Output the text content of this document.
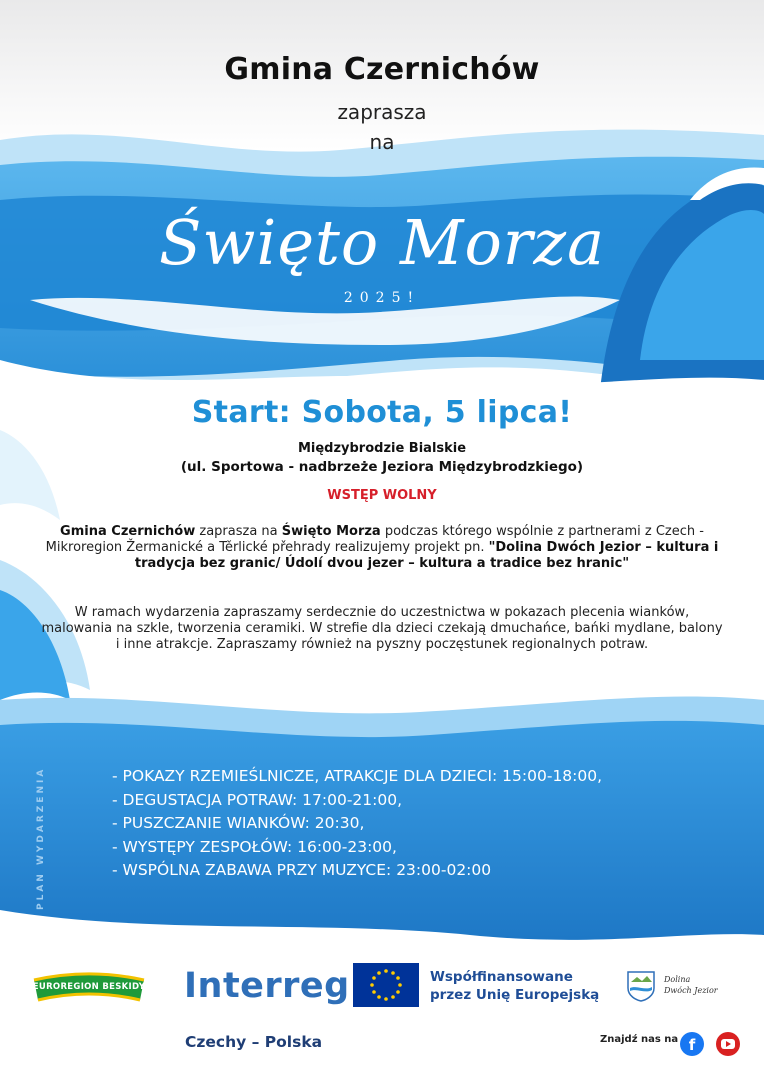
Gmina Czernichów
zaprasza
na
Święto Morza
2025!
Start: Sobota, 5 lipca!
Międzybrodzie Bialskie
(ul. Sportowa - nadbrzeże Jeziora Międzybrodzkiego)
WSTĘP WOLNY
Gmina Czernichów zaprasza na Święto Morza podczas którego wspólnie z partnerami z Czech - Mikroregion Žermanické a Těrlické přehrady realizujemy projekt pn. "Dolina Dwóch Jezior – kultura i tradycja bez granic/ Údolí dvou jezer – kultura a tradice bez hranic"
W ramach wydarzenia zapraszamy serdecznie do uczestnictwa w pokazach plecenia wianków, malowania na szkle, tworzenia ceramiki. W strefie dla dzieci czekają dmuchańce, bańki mydlane, balony i inne atrakcje. Zapraszamy również na pyszny poczęstunek regionalnych potraw.
PLAN WYDARZENIA	- POKAZY RZEMIEŚLNICZE, ATRAKCJE DLA DZIECI: 15:00-18:00,
- DEGUSTACJA POTRAW: 17:00-21:00,
- PUSZCZANIE WIANKÓW: 20:30,
- WYSTĘPY ZESPOŁÓW: 16:00-23:00,
- WSPÓLNA ZABAWA PRZY MUZYCE: 23:00-02:00
EUROREGION BESKIDY Interreg
Czechy – Polska
Współfinansowane
przez Unię Europejską
Dolina
Dwóch Jezior
Znajdź nas na f
